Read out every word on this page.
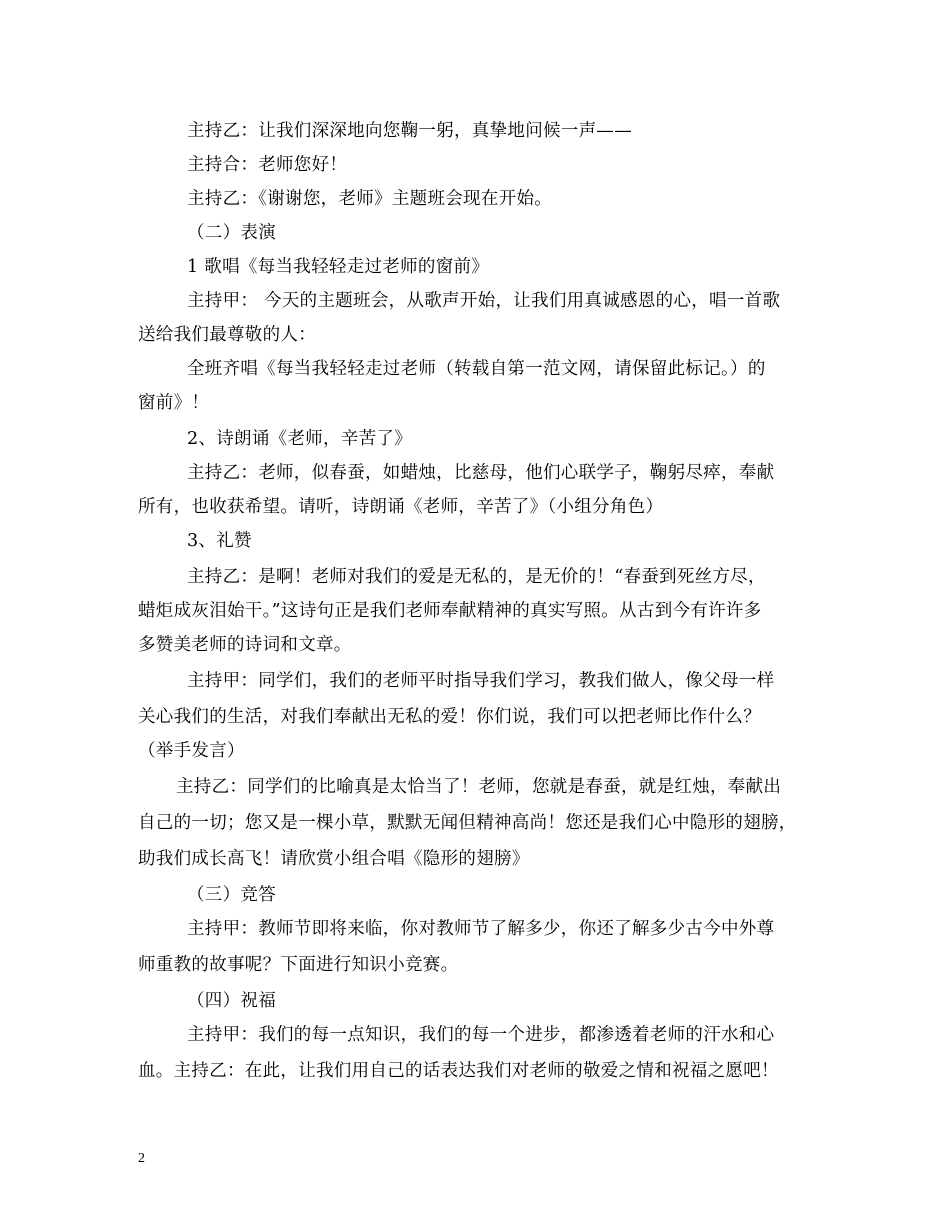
主持乙：让我们深深地向您鞠一躬，真挚地问候一声——
主持合：老师您好！
主持乙：《谢谢您，老师》主题班会现在开始。
（二）表演
1 歌唱《每当我轻轻走过老师的窗前》
主持甲： 今天的主题班会，从歌声开始，让我们用真诚感恩的心，唱一首歌
送给我们最尊敬的人：
全班齐唱《每当我轻轻走过老师（转载自第一范文网，请保留此标记。）的
窗前》！
2、诗朗诵《老师，辛苦了》
主持乙：老师，似春蚕，如蜡烛，比慈母，他们心联学子，鞠躬尽瘁，奉献
所有，也收获希望。请听，诗朗诵《老师，辛苦了》（小组分角色）
3、礼赞
主持乙：是啊！老师对我们的爱是无私的，是无价的！“春蚕到死丝方尽，
蜡炬成灰泪始干。”这诗句正是我们老师奉献精神的真实写照。从古到今有许许多
多赞美老师的诗词和文章。
主持甲：同学们，我们的老师平时指导我们学习，教我们做人，像父母一样
关心我们的生活，对我们奉献出无私的爱！你们说，我们可以把老师比作什么？
（举手发言）
主持乙：同学们的比喻真是太恰当了！老师，您就是春蚕，就是红烛，奉献出
自己的一切；您又是一棵小草，默默无闻但精神高尚！您还是我们心中隐形的翅膀，
助我们成长高飞！请欣赏小组合唱《隐形的翅膀》
（三）竞答
主持甲：教师节即将来临，你对教师节了解多少，你还了解多少古今中外尊
师重教的故事呢？下面进行知识小竞赛。
（四）祝福
主持甲：我们的每一点知识，我们的每一个进步，都渗透着老师的汗水和心
血。主持乙：在此，让我们用自己的话表达我们对老师的敬爱之情和祝福之愿吧！
2
